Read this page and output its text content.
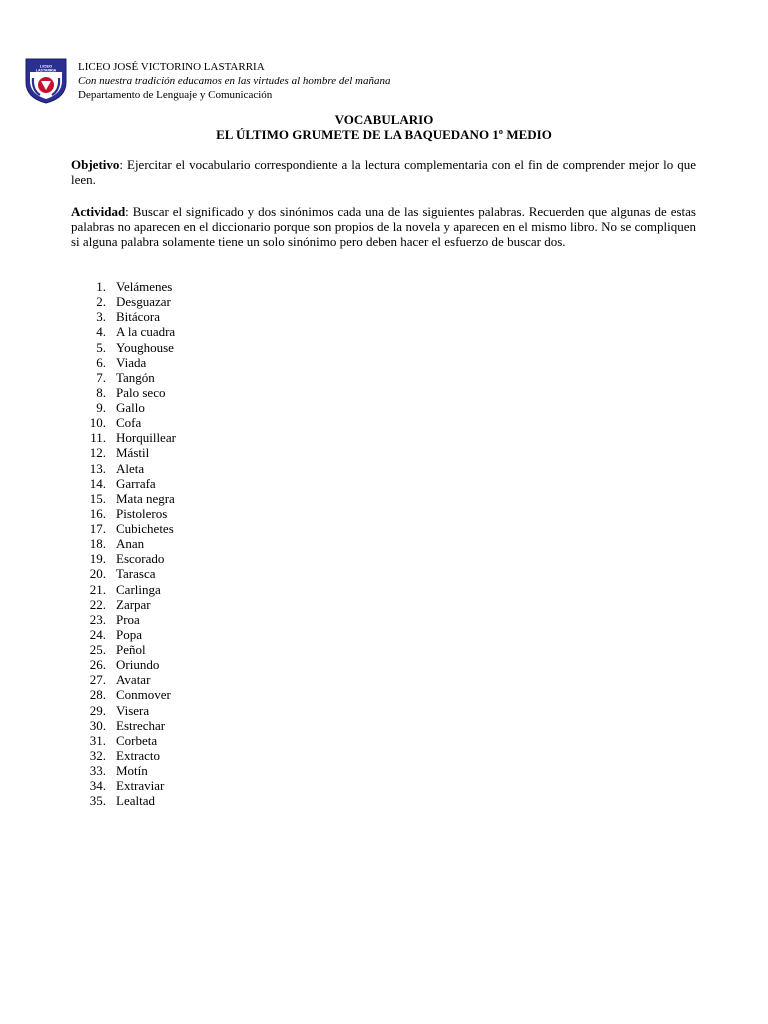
LICEO
LASTARRIA LICEO JOSÉ VICTORINO LASTARRIA
Con nuestra tradición educamos en las virtudes al hombre del mañana
Departamento de Lenguaje y Comunicación
VOCABULARIO
EL ÚLTIMO GRUMETE DE LA BAQUEDANO 1º MEDIO
Objetivo: Ejercitar el vocabulario correspondiente a la lectura complementaria con el fin de comprender mejor lo que leen.
Actividad: Buscar el significado y dos sinónimos cada una de las siguientes palabras. Recuerden que algunas de estas palabras no aparecen en el diccionario porque son propios de la novela y aparecen en el mismo libro. No se compliquen si alguna palabra solamente tiene un solo sinónimo pero deben hacer el esfuerzo de buscar dos.
1. Velámenes
2. Desguazar
3. Bitácora
4. A la cuadra
5. Youghouse
6. Viada
7. Tangón
8. Palo seco
9. Gallo
10. Cofa
11. Horquillear
12. Mástil
13. Aleta
14. Garrafa
15. Mata negra
16. Pistoleros
17. Cubichetes
18. Anan
19. Escorado
20. Tarasca
21. Carlinga
22. Zarpar
23. Proa
24. Popa
25. Peñol
26. Oriundo
27. Avatar
28. Conmover
29. Visera
30. Estrechar
31. Corbeta
32. Extracto
33. Motín
34. Extraviar
35. Lealtad
